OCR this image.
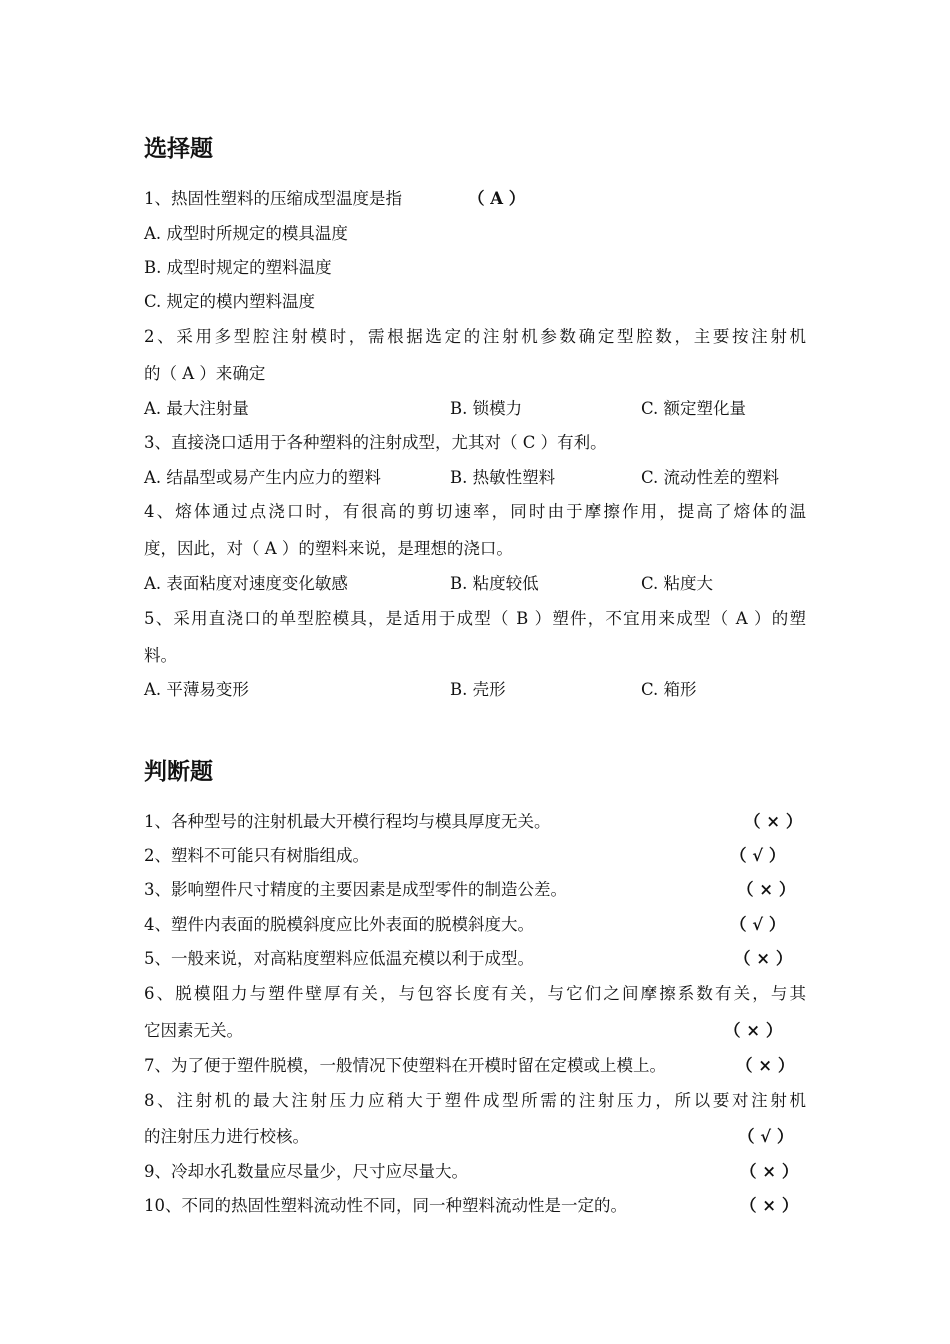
选择题
1、热固性塑料的压缩成型温度是指	（ A ）
A. 成型时所规定的模具温度
B. 成型时规定的塑料温度
C. 规定的模内塑料温度
2、采用多型腔注射模时，需根据选定的注射机参数确定型腔数，主要按注射机
的（ A ）来确定
A. 最大注射量	B. 锁模力	C. 额定塑化量
3、直接浇口适用于各种塑料的注射成型，尤其对（ C ）有利。
A. 结晶型或易产生内应力的塑料	B. 热敏性塑料	C. 流动性差的塑料
4、熔体通过点浇口时，有很高的剪切速率，同时由于摩擦作用，提高了熔体的温
度，因此，对（ A ）的塑料来说，是理想的浇口。
A. 表面粘度对速度变化敏感	B. 粘度较低	C. 粘度大
5、采用直浇口的单型腔模具，是适用于成型（ B ）塑件，不宜用来成型（ A ）的塑
料。
A. 平薄易变形	B. 壳形	C. 箱形
判断题
1、各种型号的注射机最大开模行程均与模具厚度无关。	（ × ）
2、塑料不可能只有树脂组成。	（ √ ）
3、影响塑件尺寸精度的主要因素是成型零件的制造公差。	（ × ）
4、塑件内表面的脱模斜度应比外表面的脱模斜度大。	（ √ ）
5、一般来说，对高粘度塑料应低温充模以利于成型。	（ × ）
6、脱模阻力与塑件壁厚有关，与包容长度有关，与它们之间摩擦系数有关，与其
它因素无关。	（ × ）
7、为了便于塑件脱模，一般情况下使塑料在开模时留在定模或上模上。	（ × ）
8、注射机的最大注射压力应稍大于塑件成型所需的注射压力，所以要对注射机
的注射压力进行校核。	（ √ ）
9、冷却水孔数量应尽量少，尺寸应尽量大。	（ × ）
10、不同的热固性塑料流动性不同，同一种塑料流动性是一定的。	（ × ）
